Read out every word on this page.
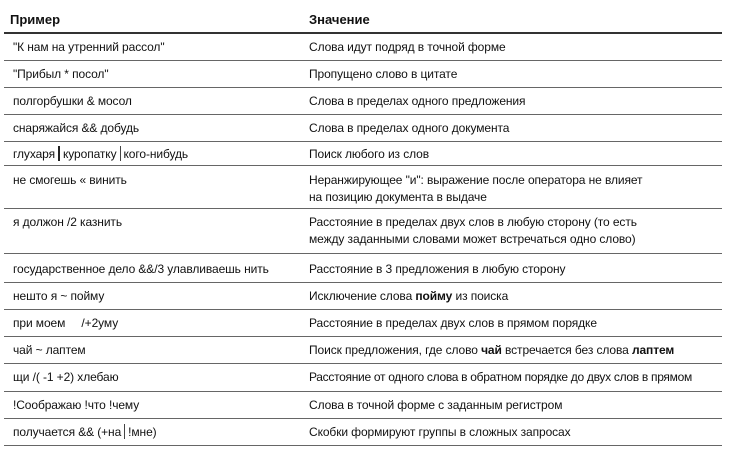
Пример	Значение
"К нам на утренний рассол"	Слова идут подряд в точной форме
"Прибыл * посол"	Пропущено слово в цитате
полгорбушки & мосол	Слова в пределах одного предложения
снаряжайся && добудь	Слова в пределах одного документа
глухаря куропатку кого-нибудь	Поиск любого из слов
не смогешь « винить	Неранжирующее "и": выражение после оператора не влияет
на позицию документа в выдаче
я должон /2 казнить	Расстояние в пределах двух слов в любую сторону (то есть
между заданными словами может встречаться одно слово)
государственное дело &&/3 улавливаешь нить	Расстояние в 3 предложения в любую сторону
нешто я ~ пойму	Исключение слова пойму из поиска
при моем     /+2уму	Расстояние в пределах двух слов в прямом порядке
чай ~ лаптем	Поиск предложения, где слово чай встречается без слова лаптем
щи /( -1 +2) хлебаю	Расстояние от одного слова в обратном порядке до двух слов в прямом
!Соображаю !что !чему	Слова в точной форме с заданным регистром
получается && (+на !мне)	Скобки формируют группы в сложных запросах
